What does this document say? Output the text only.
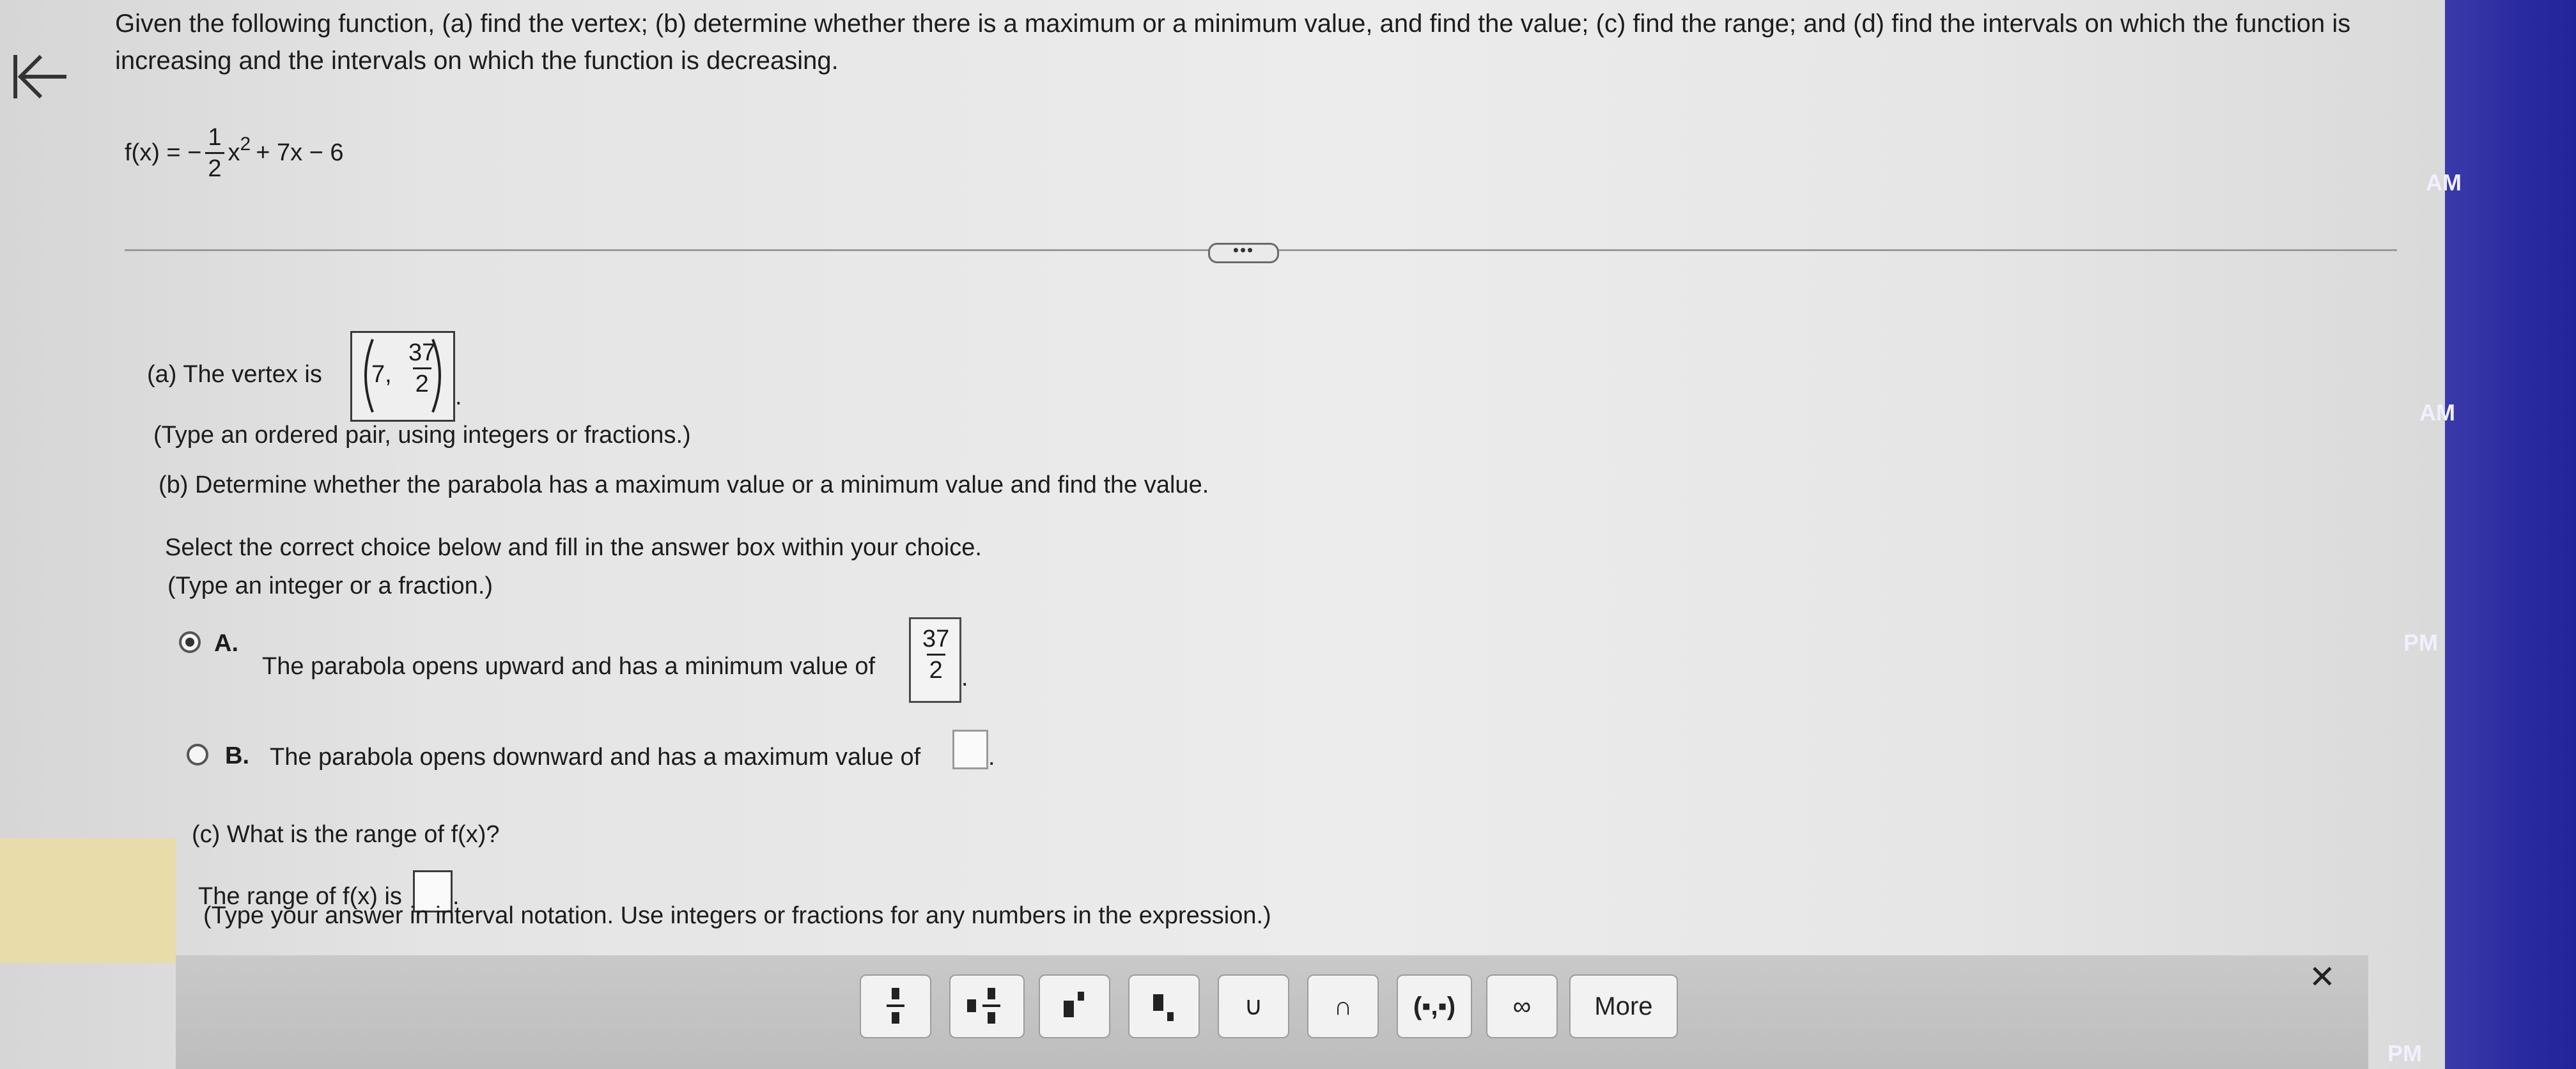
AM
AM
PM
PM
Given the following function, (a) find the vertex; (b) determine whether there is a maximum or a minimum value, and find the value; (c) find the range; and (d) find the intervals on which the function is increasing and the intervals on which the function is decreasing.
f(x) = − $\frac{1}{2}$ x 2 + 7x − 6
•••
(a) The vertex is 7, $\frac{37}{2}$
.
(Type an ordered pair, using integers or fractions.)
(b) Determine whether the parabola has a maximum value or a minimum value and find the value.
Select the correct choice below and fill in the answer box within your choice.
(Type an integer or a fraction.)
A.
The parabola opens upward and has a minimum value of $\frac{37}{2}$ .
B. The parabola opens downward and has a maximum value of	.
(c) What is the range of f(x)?
The range of f(x) is .
(Type your answer in interval notation. Use integers or fractions for any numbers in the expression.)
∪	∩	(▪,▪)	∞	More
✕
